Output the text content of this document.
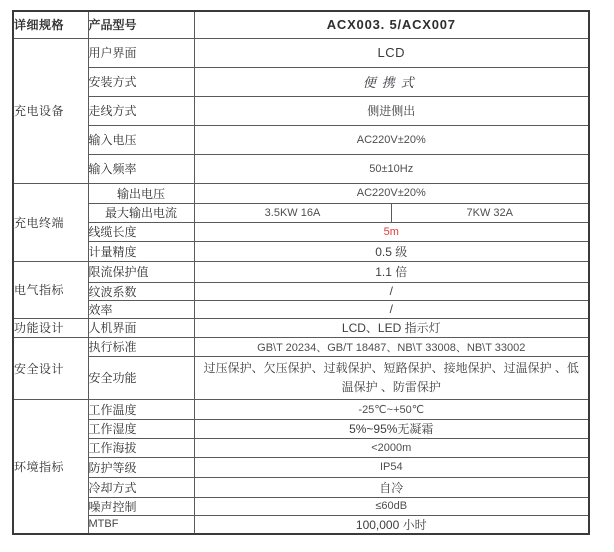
详细规格	产品型号	ACX003. 5/ACX007	
充电设备	用户界面	LCD	
	安装方式	便携式	
	走线方式	侧进侧出	
	输入电压	AC220V±20%	
	输入频率	50±10Hz	
充电终端	输出电压	AC220V±20%	
	最大输出电流	3.5KW 16A	7KW 32A
	线缆长度	5m	
	计量精度	0.5 级	
电气指标	限流保护值	1.1 倍	
	纹波系数	/	
	效率	/	
功能设计	人机界面	LCD、LED 指示灯	
安全设计	执行标准	GB\T 20234、GB/T 18487、NB\T 33008、NB\T 33002	
	安全功能	过压保护、欠压保护、过载保护、短路保护、接地保护、过温保护 、低温保护 、防雷保护	
环境指标	工作温度	-25℃~+50℃	
	工作湿度	5%~95%无凝霜	
	工作海拔	<2000m	
	防护等级	IP54	
	冷却方式	自冷	
	噪声控制	≤60dB	
	MTBF	100,000 小时	
